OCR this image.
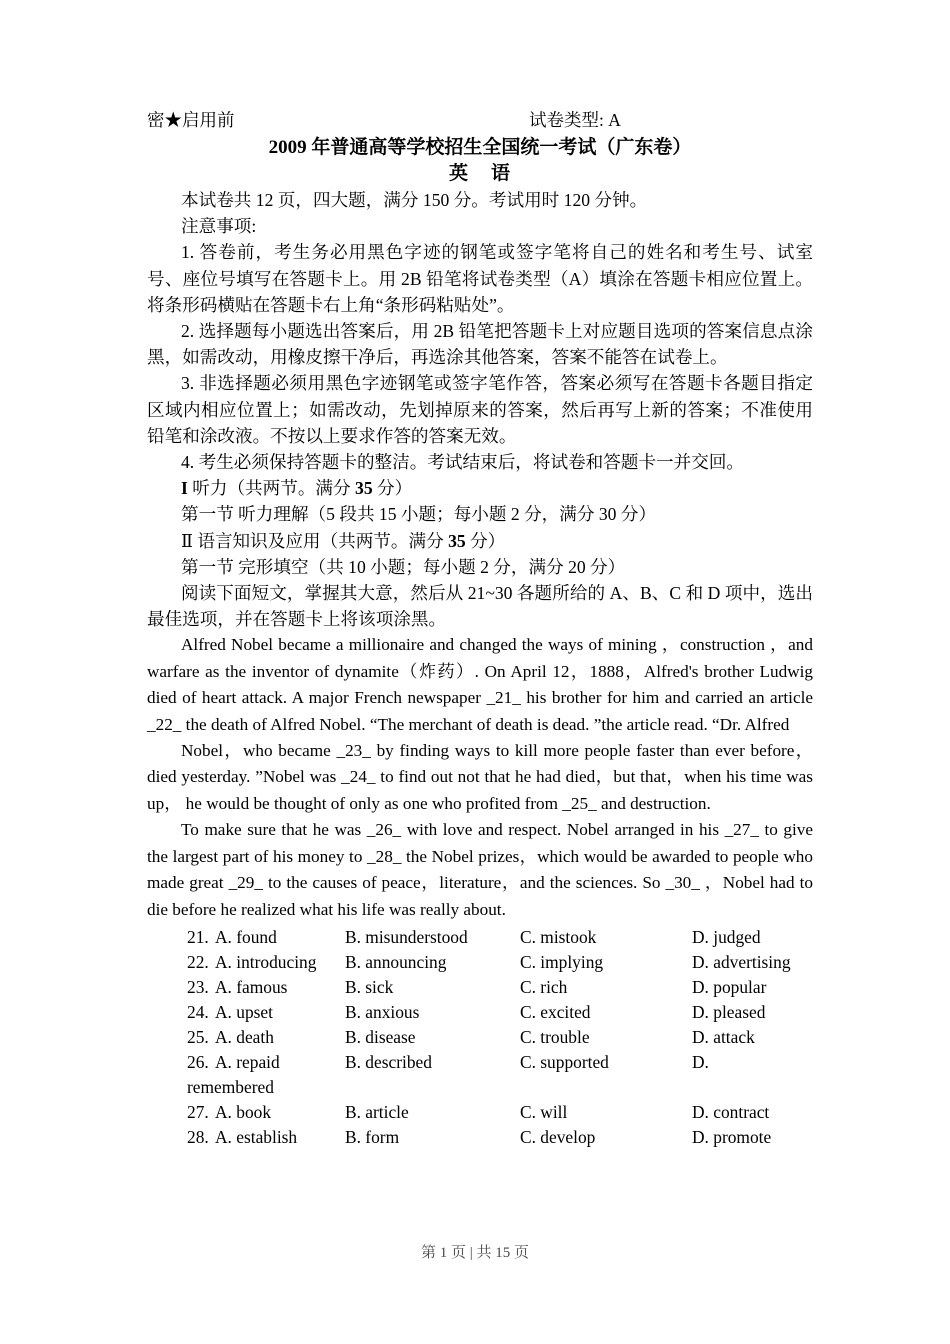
密★启用前	试卷类型: A
2009 年普通高等学校招生全国统一考试（广东卷）
英 语

本试卷共 12 页，四大题，满分 150 分。考试用时 120 分钟。

注意事项:

1. 答卷前，考生务必用黑色字迹的钢笔或签字笔将自己的姓名和考生号、试室号、座位号填写在答题卡上。用 2B 铅笔将试卷类型（A）填涂在答题卡相应位置上。将条形码横贴在答题卡右上角“条形码粘贴处”。

2. 选择题每小题选出答案后，用 2B 铅笔把答题卡上对应题目选项的答案信息点涂黑，如需改动，用橡皮擦干净后，再选涂其他答案，答案不能答在试卷上。

3. 非选择题必须用黑色字迹钢笔或签字笔作答，答案必须写在答题卡各题目指定区域内相应位置上；如需改动，先划掉原来的答案，然后再写上新的答案；不准使用铅笔和涂改液。不按以上要求作答的答案无效。

4. 考生必须保持答题卡的整洁。考试结束后，将试卷和答题卡一并交回。

I 听力（共两节。满分 35 分）

第一节 听力理解（5 段共 15 小题；每小题 2 分，满分 30 分）

Ⅱ 语言知识及应用（共两节。满分 35 分）

第一节 完形填空（共 10 小题；每小题 2 分，满分 20 分）

阅读下面短文，掌握其大意，然后从 21~30 各题所给的 A、B、C 和 D 项中，选出最佳选项，并在答题卡上将该项涂黑。

Alfred Nobel became a millionaire and changed the ways of mining ，construction ，and warfare as the inventor of dynamite（炸药）. On April 12，1888，Alfred's brother Ludwig died of heart attack. A major French newspaper _21_ his brother for him and carried an article _22_ the death of Alfred Nobel. “The merchant of death is dead. ”the article read. “Dr. Alfred

Nobel，who became _23_ by finding ways to kill more people faster than ever before，died yesterday. ”Nobel was _24_ to find out not that he had died，but that，when his time was up， he would be thought of only as one who profited from _25_ and destruction.

To make sure that he was _26_ with love and respect. Nobel arranged in his _27_ to give the largest part of his money to _28_ the Nobel prizes，which would be awarded to people who made great _29_ to the causes of peace，literature，and the sciences. So _30_ ，Nobel had to die before he realized what his life was really about.

21. A. found	B. misunderstood	C. mistook	D. judged
22. A. introducing B. announcing	C. implying	D. advertising
23. A. famous	B. sick	C. rich	D. popular
24. A. upset	B. anxious	C. excited	D. pleased
25. A. death	B. disease	C. trouble	D. attack
26. A. repaid	B. described	C. supported	D.
remembered
27. A. book	B. article	C. will	D. contract
28. A. establish	B. form	C. develop	D. promote
第 1 页 | 共 15 页
